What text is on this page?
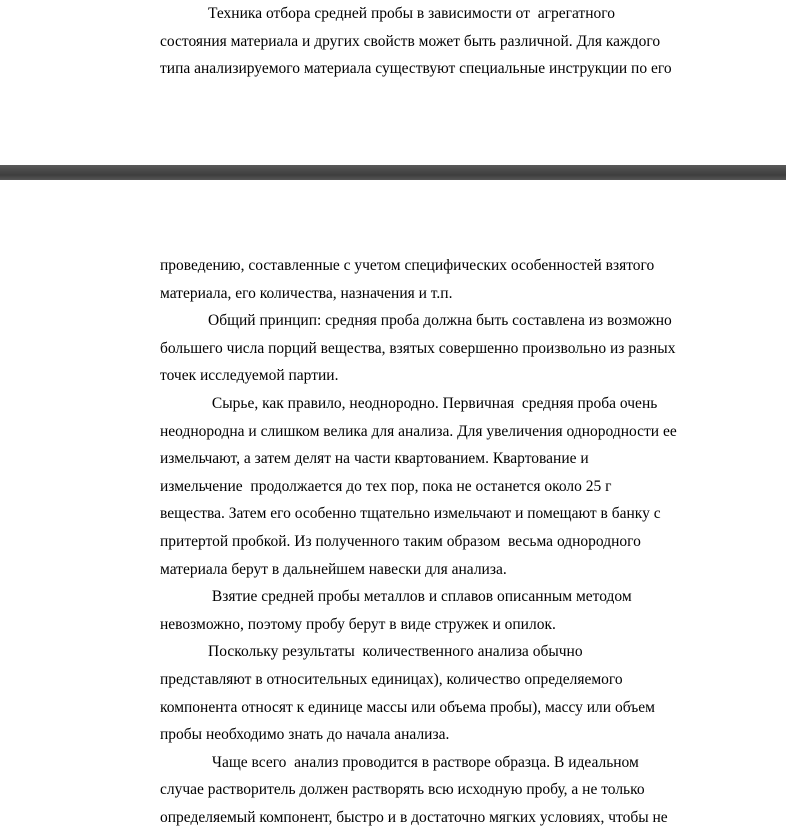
Техника отбора средней пробы в зависимости от  агрегатного
состояния материала и других свойств может быть различной. Для каждого
типа анализируемого материала существуют специальные инструкции по его
проведению, составленные с учетом специфических особенностей взятого
материала, его количества, назначения и т.п.
Общий принцип: средняя проба должна быть составлена из возможно
большего числа порций вещества, взятых совершенно произвольно из разных
точек исследуемой партии.
Сырье, как правило, неоднородно. Первичная  средняя проба очень
неоднородна и слишком велика для анализа. Для увеличения однородности ее
измельчают, а затем делят на части квартованием. Квартование и
измельчение  продолжается до тех пор, пока не останется около 25 г
вещества. Затем его особенно тщательно измельчают и помещают в банку с
притертой пробкой. Из полученного таким образом  весьма однородного
материала берут в дальнейшем навески для анализа.
Взятие средней пробы металлов и сплавов описанным методом
невозможно, поэтому пробу берут в виде стружек и опилок.
Поскольку результаты  количественного анализа обычно
представляют в относительных единицах), количество определяемого
компонента относят к единице массы или объема пробы), массу или объем
пробы необходимо знать до начала анализа.
Чаще всего  анализ проводится в растворе образца. В идеальном
случае растворитель должен растворять всю исходную пробу, а не только
определяемый компонент, быстро и в достаточно мягких условиях, чтобы не
